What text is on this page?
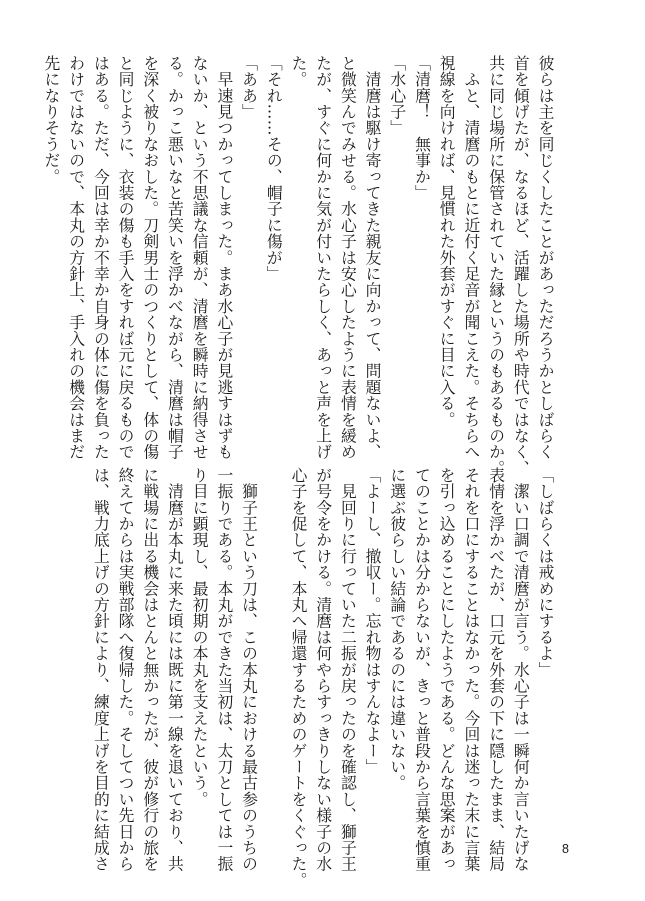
彼らは主を同じくしたことがあっただろうかとしばらく

首を傾げたが、なるほど、活躍した場所や時代ではなく、

共に同じ場所に保管されていた縁というのもあるものか。

　ふと、清麿のもとに近付く足音が聞こえた。そちらへ

視線を向ければ、見慣れた外套がすぐに目に入る。

「清麿！　無事か」

「水心子」

　清麿は駆け寄ってきた親友に向かって、問題ないよ、

と微笑んでみせる。水心子は安心したように表情を緩め

たが、すぐに何かに気が付いたらしく、あっと声を上げ

た。

「それ……その、帽子に傷が」

「ああ」

　早速見つかってしまった。まあ水心子が見逃すはずも

ないか、という不思議な信頼が、清麿を瞬時に納得させ

る。かっこ悪いなと苦笑いを浮かべながら、清麿は帽子

を深く被りなおした。刀剣男士のつくりとして、体の傷

と同じように、衣装の傷も手入をすれば元に戻るもので

はある。ただ、今回は幸か不幸か自身の体に傷を負った

わけではないので、本丸の方針上、手入れの機会はまだ

先になりそうだ。

「しばらくは戒めにするよ」

　潔い口調で清麿が言う。水心子は一瞬何か言いたげな

表情を浮かべたが、口元を外套の下に隠したまま、結局

それを口にすることはなかった。今回は迷った末に言葉

を引っ込めることにしたようである。どんな思案があっ

てのことかは分からないが、きっと普段から言葉を慎重

に選ぶ彼らしい結論であるのには違いない。

「よーし、撤収ー。忘れ物はすんなよー」

　見回りに行っていた二振が戻ったのを確認し、獅子王

が号令をかける。清麿は何やらすっきりしない様子の水

心子を促して、本丸へ帰還するためのゲートをくぐった。

　獅子王という刀は、この本丸における最古参のうちの

一振りである。本丸ができた当初は、太刀としては一振

り目に顕現し、最初期の本丸を支えたという。

　清麿が本丸に来た頃には既に第一線を退いており、共

に戦場に出る機会はとんと無かったが、彼が修行の旅を

終えてからは実戦部隊へ復帰した。そしてつい先日から

は、戦力底上げの方針により、練度上げを目的に結成さ	8
